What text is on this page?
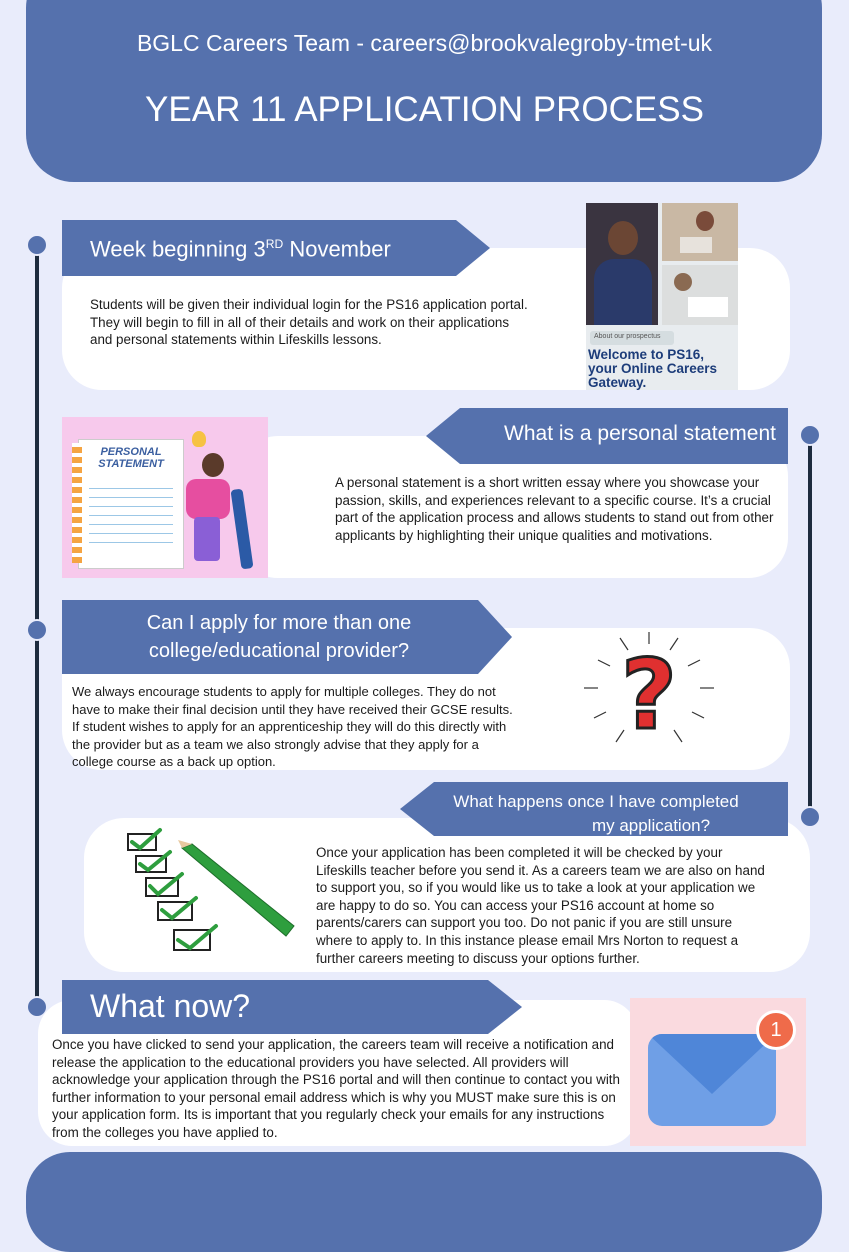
BGLC Careers Team - careers@brookvalegroby-tmet-uk
YEAR 11 APPLICATION PROCESS
Week beginning 3RD November
Students will be given their individual login for the PS16 application portal. They will begin to fill in all of their details and work on their applications and personal statements within Lifeskills lessons.	About our prospectus
Welcome to PS16, your Online Careers Gateway.
What is a personal statement
A personal statement is a short written essay where you showcase your passion, skills, and experiences relevant to a specific course. It’s a crucial part of the application process and allows students to stand out from other applicants by highlighting their unique qualities and motivations.
PERSONAL
STATEMENT
Can I apply for more than one
college/educational provider?
We always encourage students to apply for multiple colleges. They do not have to make their final decision until they have received their GCSE results. If student wishes to apply for an apprenticeship they will do this directly with the provider but as a team we also strongly advise that they apply for a college course as a back up option.
?
What happens once I have completed
my application?
Once your application has been completed it will be checked by your Lifeskills teacher before you send it. As a careers team we are also on hand to support you, so if you would like us to take a look at your application we are happy to do so. You can access your PS16 account at home so parents/carers can support you too. Do not panic if you are still unsure where to apply to. In this instance please email Mrs Norton to request a further careers meeting to discuss your options further.
What now?
Once you have clicked to send your application, the careers team will receive a notification and release the application to the educational providers you have selected. All providers will acknowledge your application through the PS16 portal and will then continue to contact you with further information to your personal email address which is why you MUST make sure this is on your application form. Its is important that you regularly check your emails for any instructions from the colleges you have applied to.
1
